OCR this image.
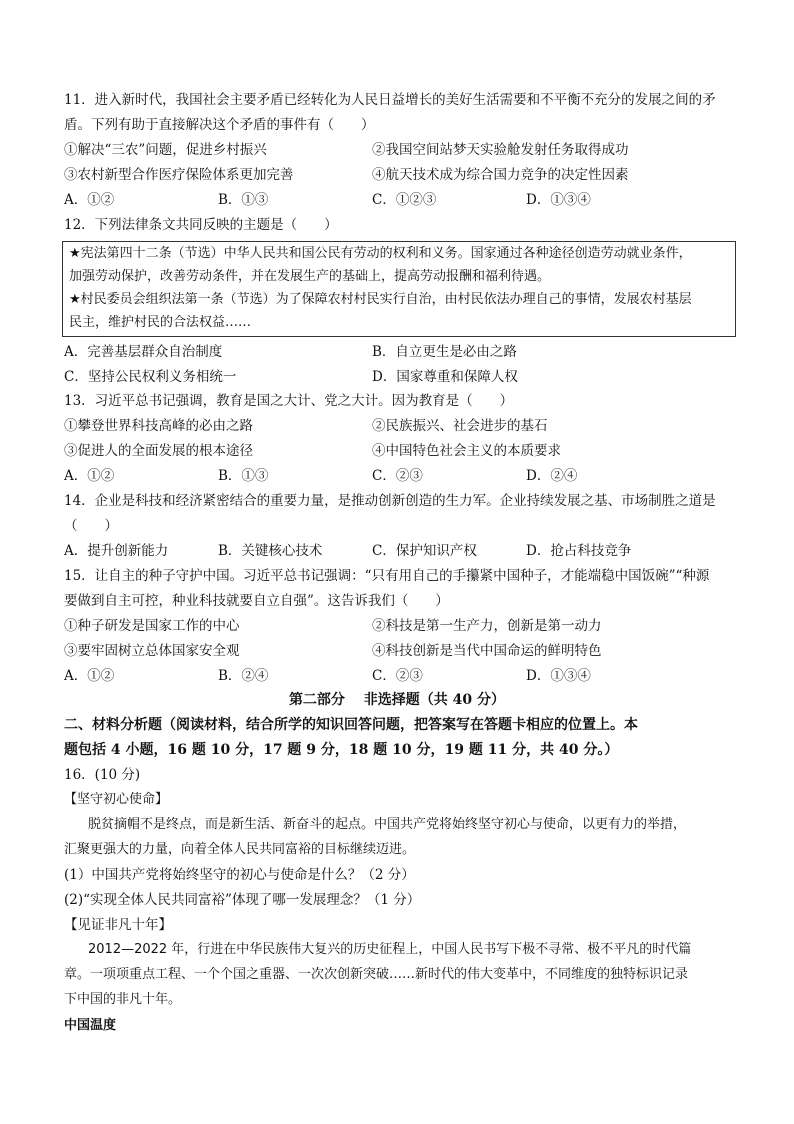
11．进入新时代，我国社会主要矛盾已经转化为人民日益增长的美好生活需要和不平衡不充分的发展之间的矛
盾。下列有助于直接解决这个矛盾的事件有（　　）
①解决“三农”问题，促进乡村振兴	②我国空间站梦天实验舱发射任务取得成功
③农村新型合作医疗保险体系更加完善	④航天技术成为综合国力竞争的决定性因素
A．①②	B．①③	C．①②③	D．①③④
12．下列法律条文共同反映的主题是（　　）
★宪法第四十二条（节选）中华人民共和国公民有劳动的权利和义务。国家通过各种途径创造劳动就业条件，
加强劳动保护，改善劳动条件，并在发展生产的基础上，提高劳动报酬和福利待遇。
★村民委员会组织法第一条（节选）为了保障农村村民实行自治，由村民依法办理自己的事情，发展农村基层
民主，维护村民的合法权益……
A．完善基层群众自治制度	B．自立更生是必由之路
C．坚持公民权利义务相统一	D．国家尊重和保障人权
13．习近平总书记强调，教育是国之大计、党之大计。因为教育是（　　）
①攀登世界科技高峰的必由之路	②民族振兴、社会进步的基石
③促进人的全面发展的根本途径	④中国特色社会主义的本质要求
A．①②	B．①③	C．②③	D．②④
14．企业是科技和经济紧密结合的重要力量，是推动创新创造的生力军。企业持续发展之基、市场制胜之道是
（　　）
A．提升创新能力	B．关键核心技术	C．保护知识产权	D．抢占科技竞争
15．让自主的种子守护中国。习近平总书记强调：“只有用自己的手攥紧中国种子，才能端稳中国饭碗”“种源
要做到自主可控，种业科技就要自立自强”。这告诉我们（　　）
①种子研发是国家工作的中心	②科技是第一生产力，创新是第一动力
③要牢固树立总体国家安全观	④科技创新是当代中国命运的鲜明特色
A．①②	B．②④	C．②③	D．①③④
第二部分　 非选择题（共 40 分）
二、材料分析题（阅读材料，结合所学的知识回答问题，把答案写在答题卡相应的位置上。本
题包括 4 小题，16 题 10 分，17 题 9 分，18 题 10 分，19 题 11 分，共 40 分。）
16．(10 分)
【坚守初心使命】
脱贫摘帽不是终点，而是新生活、新奋斗的起点。中国共产党将始终坚守初心与使命，以更有力的举措，
汇聚更强大的力量，向着全体人民共同富裕的目标继续迈进。
(1）中国共产党将始终坚守的初心与使命是什么？（2 分）
(2)“实现全体人民共同富裕”体现了哪一发展理念？（1 分）
【见证非凡十年】
2012—2022 年，行进在中华民族伟大复兴的历史征程上，中国人民书写下极不寻常、极不平凡的时代篇
章。一项项重点工程、一个个国之重器、一次次创新突破……新时代的伟大变革中，不同维度的独特标识记录
下中国的非凡十年。
中国温度
